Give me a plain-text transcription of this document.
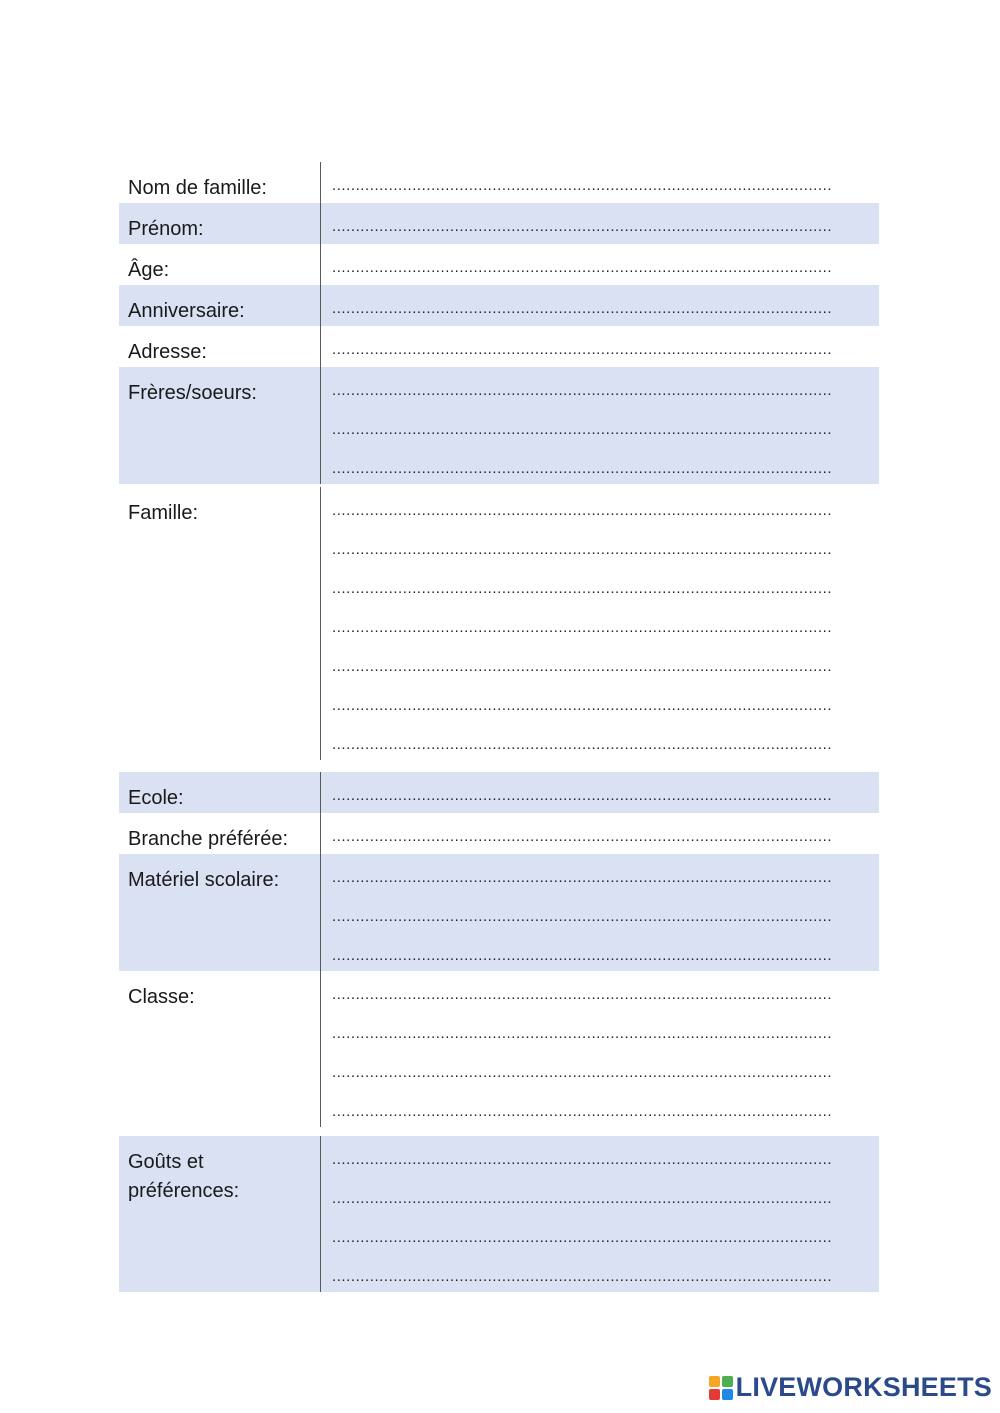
Nom de famille:	..........................................................................................................
Prénom:	..........................................................................................................
Âge:	..........................................................................................................
Anniversaire:	..........................................................................................................
Adresse:	..........................................................................................................
Frères/soeurs:	..........................................................................................................
..........................................................................................................
..........................................................................................................
Famille:	..........................................................................................................
..........................................................................................................
..........................................................................................................
..........................................................................................................
..........................................................................................................
..........................................................................................................
..........................................................................................................
Ecole:	..........................................................................................................
Branche préférée:	..........................................................................................................
Matériel scolaire:	..........................................................................................................
..........................................................................................................
..........................................................................................................
Classe:	..........................................................................................................
..........................................................................................................
..........................................................................................................
..........................................................................................................
Goûts et préférences:
..........................................................................................................
..........................................................................................................
..........................................................................................................
..........................................................................................................
LIVEWORKSHEETS
